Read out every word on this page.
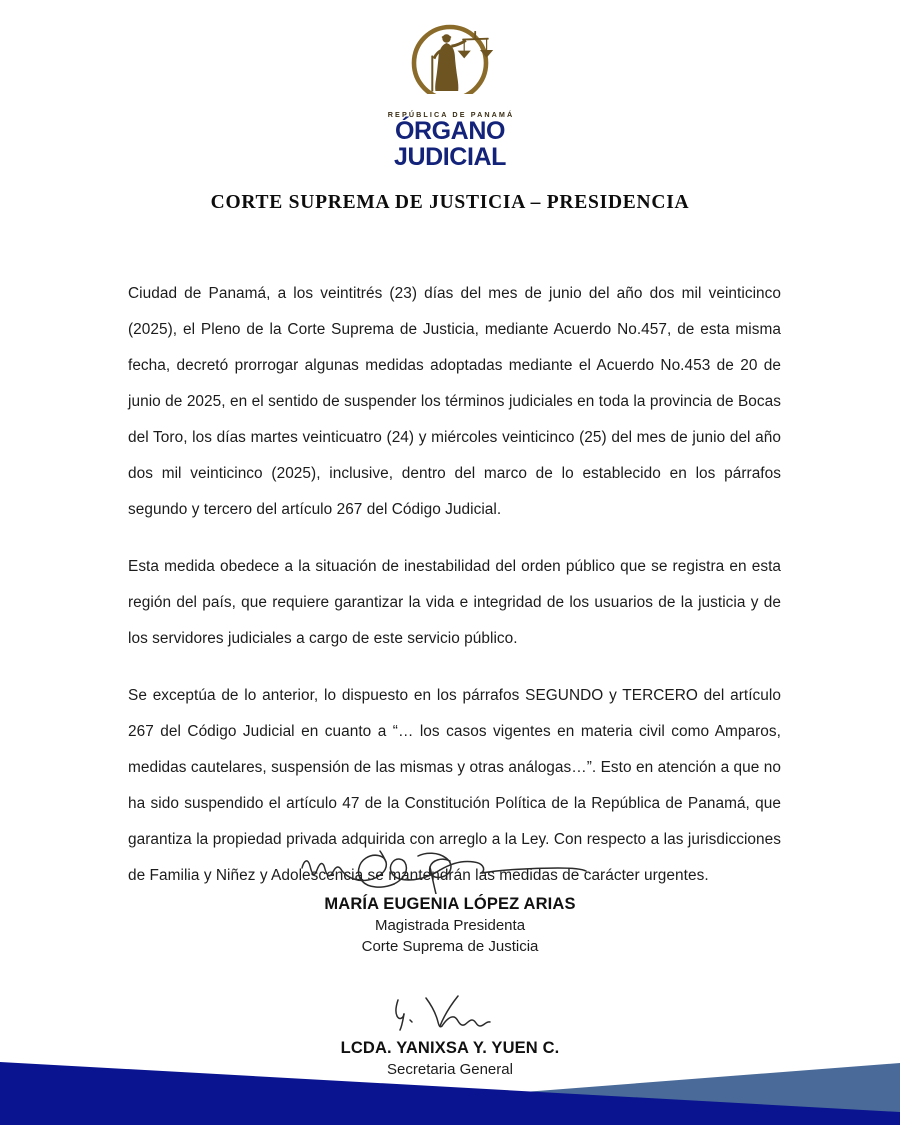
REPÚBLICA DE PANAMÁ
ÓRGANO
JUDICIAL
CORTE SUPREMA DE JUSTICIA – PRESIDENCIA

Ciudad de Panamá, a los veintitrés (23) días del mes de junio del año dos mil veinticinco (2025), el Pleno de la Corte Suprema de Justicia, mediante Acuerdo No.457, de esta misma fecha, decretó prorrogar algunas medidas adoptadas mediante el Acuerdo No.453 de 20 de junio de 2025, en el sentido de suspender los términos judiciales en toda la provincia de Bocas del Toro, los días martes veinticuatro (24) y miércoles veinticinco (25) del mes de junio del año dos mil veinticinco (2025), inclusive, dentro del marco de lo establecido en los párrafos segundo y tercero del artículo 267 del Código Judicial.

Esta medida obedece a la situación de inestabilidad del orden público que se registra en esta región del país, que requiere garantizar la vida e integridad de los usuarios de la justicia y de los servidores judiciales a cargo de este servicio público.

Se exceptúa de lo anterior, lo dispuesto en los párrafos SEGUNDO y TERCERO del artículo 267 del Código Judicial en cuanto a “… los casos vigentes en materia civil como Amparos, medidas cautelares, suspensión de las mismas y otras análogas…”. Esto en atención a que no ha sido suspendido el artículo 47 de la Constitución Política de la República de Panamá, que garantiza la propiedad privada adquirida con arreglo a la Ley. Con respecto a las jurisdicciones de Familia y Niñez y Adolescencia se mantendrán las medidas de carácter urgentes.

MARÍA EUGENIA LÓPEZ ARIAS
Magistrada Presidenta
Corte Suprema de Justicia
LCDA. YANIXSA Y. YUEN C.
Secretaria General
